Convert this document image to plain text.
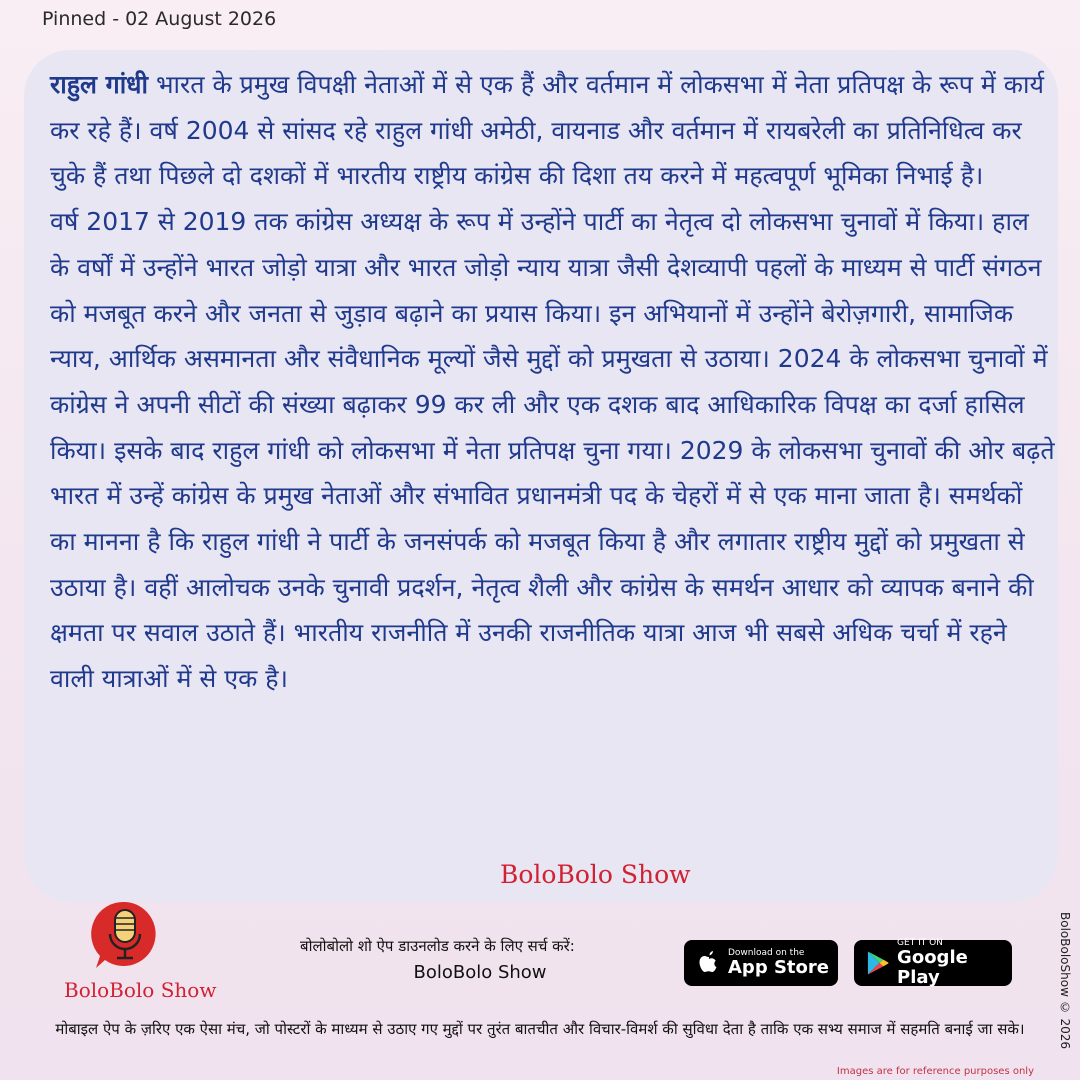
Pinned - 02 August 2026
राहुल गांधी भारत के प्रमुख विपक्षी नेताओं में से एक हैं और वर्तमान में लोकसभा में नेता प्रतिपक्ष के रूप में कार्य कर रहे हैं। वर्ष 2004 से सांसद रहे राहुल गांधी अमेठी, वायनाड और वर्तमान में रायबरेली का प्रतिनिधित्व कर चुके हैं तथा पिछले दो दशकों में भारतीय राष्ट्रीय कांग्रेस की दिशा तय करने में महत्वपूर्ण भूमिका निभाई है।
वर्ष 2017 से 2019 तक कांग्रेस अध्यक्ष के रूप में उन्होंने पार्टी का नेतृत्व दो लोकसभा चुनावों में किया। हाल के वर्षों में उन्होंने भारत जोड़ो यात्रा और भारत जोड़ो न्याय यात्रा जैसी देशव्यापी पहलों के माध्यम से पार्टी संगठन को मजबूत करने और जनता से जुड़ाव बढ़ाने का प्रयास किया। इन अभियानों में उन्होंने बेरोज़गारी, सामाजिक न्याय, आर्थिक असमानता और संवैधानिक मूल्यों जैसे मुद्दों को प्रमुखता से उठाया। 2024 के लोकसभा चुनावों में कांग्रेस ने अपनी सीटों की संख्या बढ़ाकर 99 कर ली और एक दशक बाद आधिकारिक विपक्ष का दर्जा हासिल किया। इसके बाद राहुल गांधी को लोकसभा में नेता प्रतिपक्ष चुना गया। 2029 के लोकसभा चुनावों की ओर बढ़ते भारत में उन्हें कांग्रेस के प्रमुख नेताओं और संभावित प्रधानमंत्री पद के चेहरों में से एक माना जाता है। समर्थकों का मानना है कि राहुल गांधी ने पार्टी के जनसंपर्क को मजबूत किया है और लगातार राष्ट्रीय मुद्दों को प्रमुखता से उठाया है। वहीं आलोचक उनके चुनावी प्रदर्शन, नेतृत्व शैली और कांग्रेस के समर्थन आधार को व्यापक बनाने की क्षमता पर सवाल उठाते हैं। भारतीय राजनीति में उनकी राजनीतिक यात्रा आज भी सबसे अधिक चर्चा में रहने वाली यात्राओं में से एक है।
BoloBolo Show
BoloBolo Show
बोलोबोलो शो ऐप डाउनलोड करने के लिए सर्च करें:
BoloBolo Show
Download on the
App Store
GET IT ON
Google Play
मोबाइल ऐप के ज़रिए एक ऐसा मंच, जो पोस्टरों के माध्यम से उठाए गए मुद्दों पर तुरंत बातचीत और विचार-विमर्श की सुविधा देता है ताकि एक सभ्य समाज में सहमति बनाई जा सके।
Images are for reference purposes only
BoloBoloShow © 2026
